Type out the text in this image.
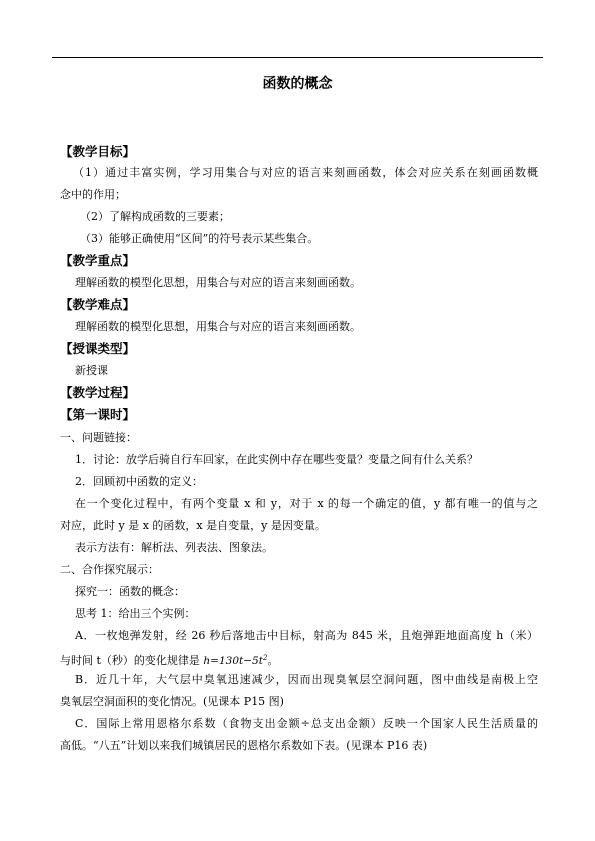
函数的概念
【教学目标】
（1）通过丰富实例，学习用集合与对应的语言来刻画函数，体会对应关系在刻画函数概
念中的作用；
（2）了解构成函数的三要素；
（3）能够正确使用“区间”的符号表示某些集合。
【教学重点】
理解函数的模型化思想，用集合与对应的语言来刻画函数。
【教学难点】
理解函数的模型化思想，用集合与对应的语言来刻画函数。
【授课类型】
新授课
【教学过程】
【第一课时】
一、问题链接：
1．讨论：放学后骑自行车回家，在此实例中存在哪些变量？变量之间有什么关系？
2．回顾初中函数的定义：
在一个变化过程中，有两个变量 x 和 y，对于 x 的每一个确定的值，y 都有唯一的值与之
对应，此时 y 是 x 的函数，x 是自变量，y 是因变量。
表示方法有：解析法、列表法、图象法。
二、合作探究展示：
探究一：函数的概念：
思考 1：给出三个实例：
A．一枚炮弹发射，经 26 秒后落地击中目标，射高为 845 米，且炮弹距地面高度 h（米）
与时间 t（秒）的变化规律是 $h=130t-5t^2$。
B．近几十年，大气层中臭氧迅速减少，因而出现臭氧层空洞问题，图中曲线是南极上空
臭氧层空洞面积的变化情况。(见课本 P15 图)
C．国际上常用恩格尔系数（食物支出金额÷总支出金额）反映一个国家人民生活质量的
高低。“八五”计划以来我们城镇居民的恩格尔系数如下表。(见课本 P16 表)
